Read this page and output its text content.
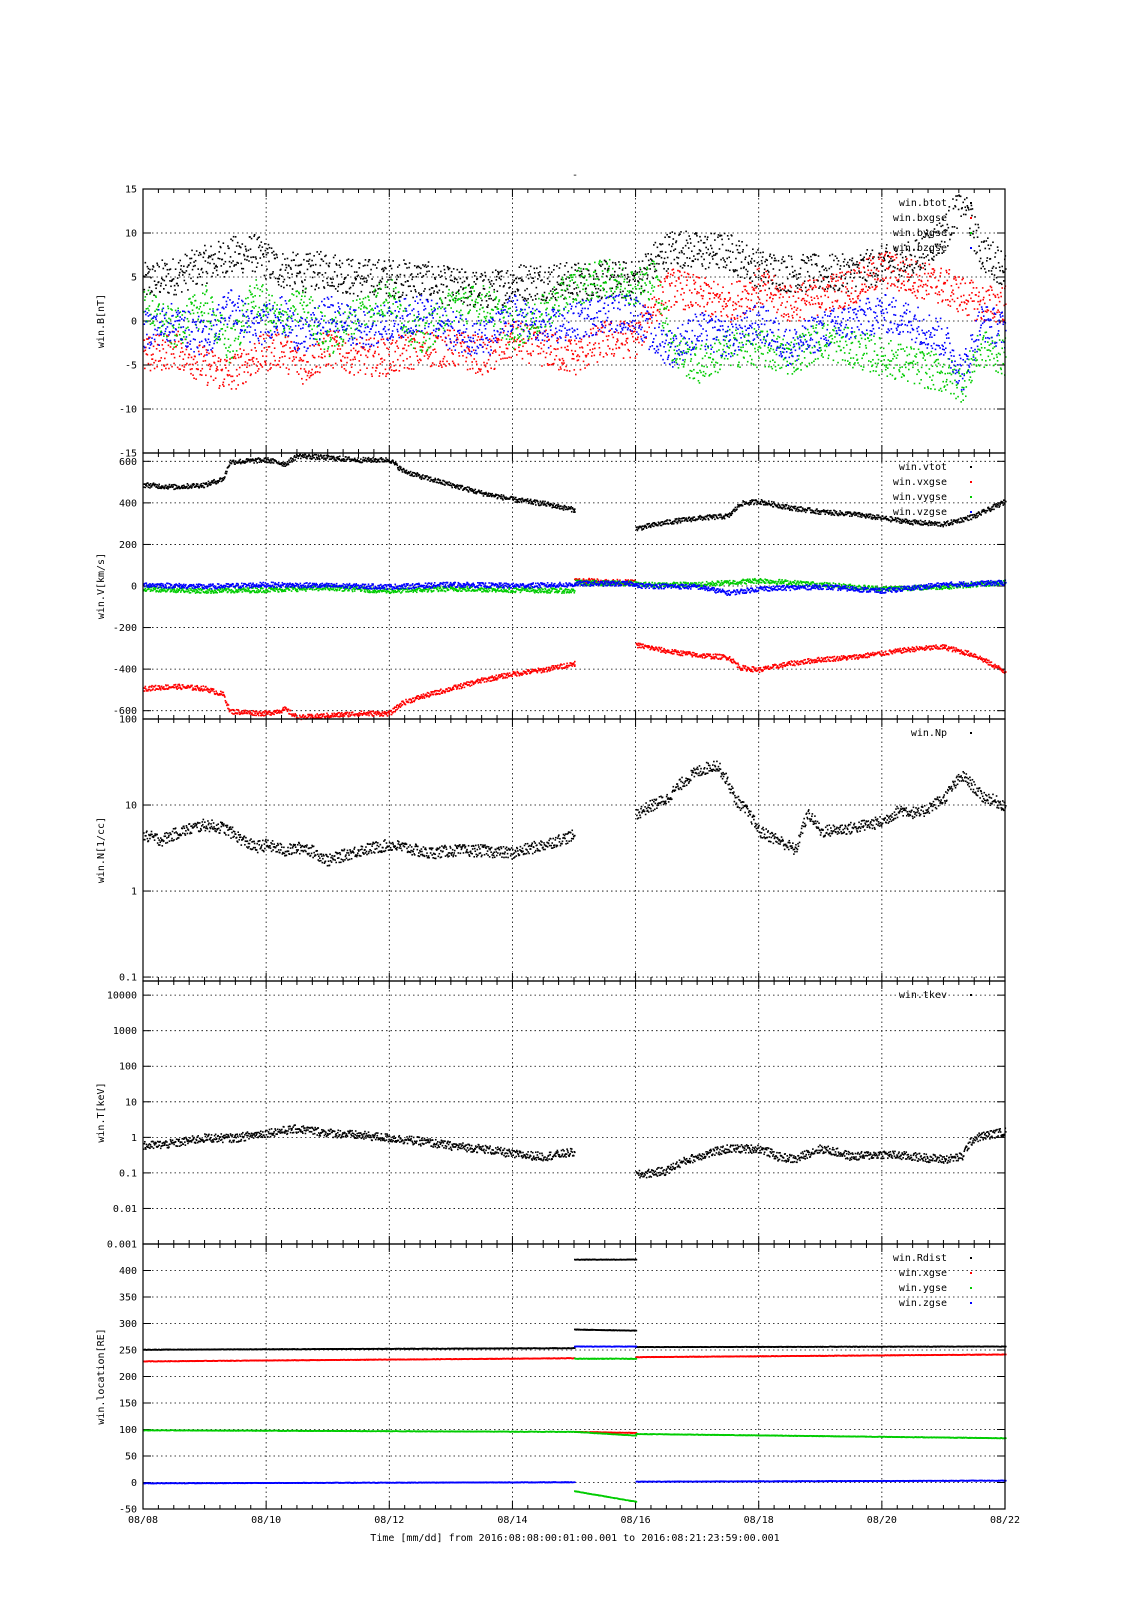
-
-15
-10
-5
0
5
10
15
win.B[nT]
win.btot
win.bxgse
win.bygse
win.bzgse
-600
-400
-200
0
200
400
600
win.V[km/s]
win.vtot
win.vxgse
win.vygse
win.vzgse
0.1
1
10
100
win.N[1/cc]
win.Np
0.001
0.01
0.1
1
10
100
1000
10000
win.T[keV]
win.tkev
-50
0
50
100
150
200
250
300
350
400
win.location[RE]
win.Rdist
win.xgse
win.ygse
win.zgse
08/08	08/10	08/12	08/14	08/16	08/18	08/20	08/22
Time [mm/dd] from 2016:08:08:00:01:00.001 to 2016:08:21:23:59:00.001
